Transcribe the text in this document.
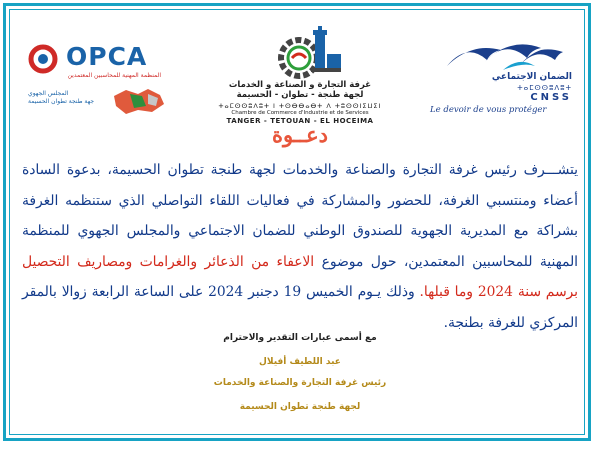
OPCA
المنظمة المهنية للمحاسبين المعتمدين
المجلس الجهوي
جهة طنجة تطوان الحسيمة
غرفة التجارة و الصناعة و الخدمات
لجهة طنجة - تطوان - الحسيمة
ⵜⴰⵎⵙⵙⵓⴷⵓⵜ ⵏ ⵜⵙⴱⴱⴰⴱⵜ ⴷ ⵜⵓⵙⵙⵏⵉⵡⵉⵏ
Chambre de Commerce d'Industrie et de Services
TANGER - TETOUAN - EL HOCEIMA
الضمان الاجتماعي
ⵜⴰⵎⵙⵙⵓⴷⵓⵜ
CNSS
Le devoir de vous protéger
دعــوة
يتشـــرف رئيس غرفة التجارة والصناعة والخدمات لجهة طنجة تطوان الحسيمة، بدعوة السادة أعضاء ومنتسبي الغرفة، للحضور والمشاركة في فعاليات اللقاء التواصلي الذي ستنظمه الغرفة بشراكة مع المديرية الجهوية للصندوق الوطني للضمان الاجتماعي والمجلس الجهوي للمنظمة المهنية للمحاسبين المعتمدين، حول موضوع الاعفاء من الذعائر والغرامات ومصاريف التحصيل برسم سنة 2024 وما قبلها. وذلك يـوم الخميس 19 دجنبر 2024 على الساعة الرابعة زوالا بالمقر المركزي للغرفة بطنجة.
مع أسمى عبارات التقدير والاحترام
عبد اللطيف أفيلال
رئيس غرفة التجارة والصناعة والخدمات
لجهة طنجة تطوان الحسيمة
